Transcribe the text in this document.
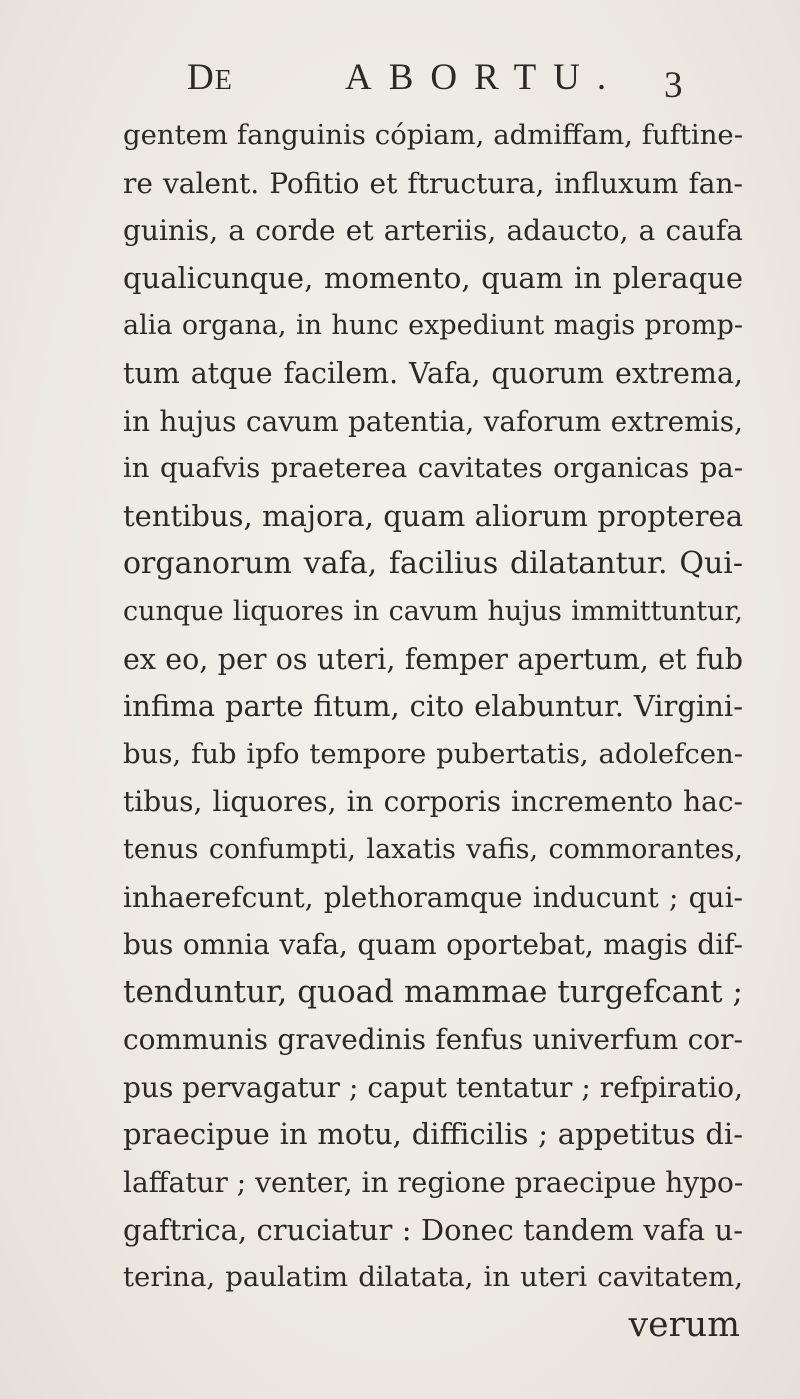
DE	ABORTU. 3
gentem fanguinis cópiam, admiffam, fuftine-
re valent. Pofitio et ftructura, influxum fan-
guinis, a corde et arteriis, adaucto, a caufa
qualicunque, momento, quam in pleraque
alia organa, in hunc expediunt magis promp-
tum atque facilem. Vafa, quorum extrema,
in hujus cavum patentia, vaforum extremis,
in quafvis praeterea cavitates organicas pa-
tentibus, majora, quam aliorum propterea
organorum vafa, facilius dilatantur. Qui-
cunque liquores in cavum hujus immittuntur,
ex eo, per os uteri, femper apertum, et fub
infima parte fitum, cito elabuntur. Virgini-
bus, fub ipfo tempore pubertatis, adolefcen-
tibus, liquores, in corporis incremento hac-
tenus confumpti, laxatis vafis, commorantes,
inhaerefcunt, plethoramque inducunt ; qui-
bus omnia vafa, quam oportebat, magis dif-
tenduntur, quoad mammae turgefcant ;
communis gravedinis fenfus univerfum cor-
pus pervagatur ; caput tentatur ; refpiratio,
praecipue in motu, difficilis ; appetitus di-
laffatur ; venter, in regione praecipue hypo-
gaftrica, cruciatur : Donec tandem vafa u-
terina, paulatim dilatata, in uteri cavitatem,
verum
